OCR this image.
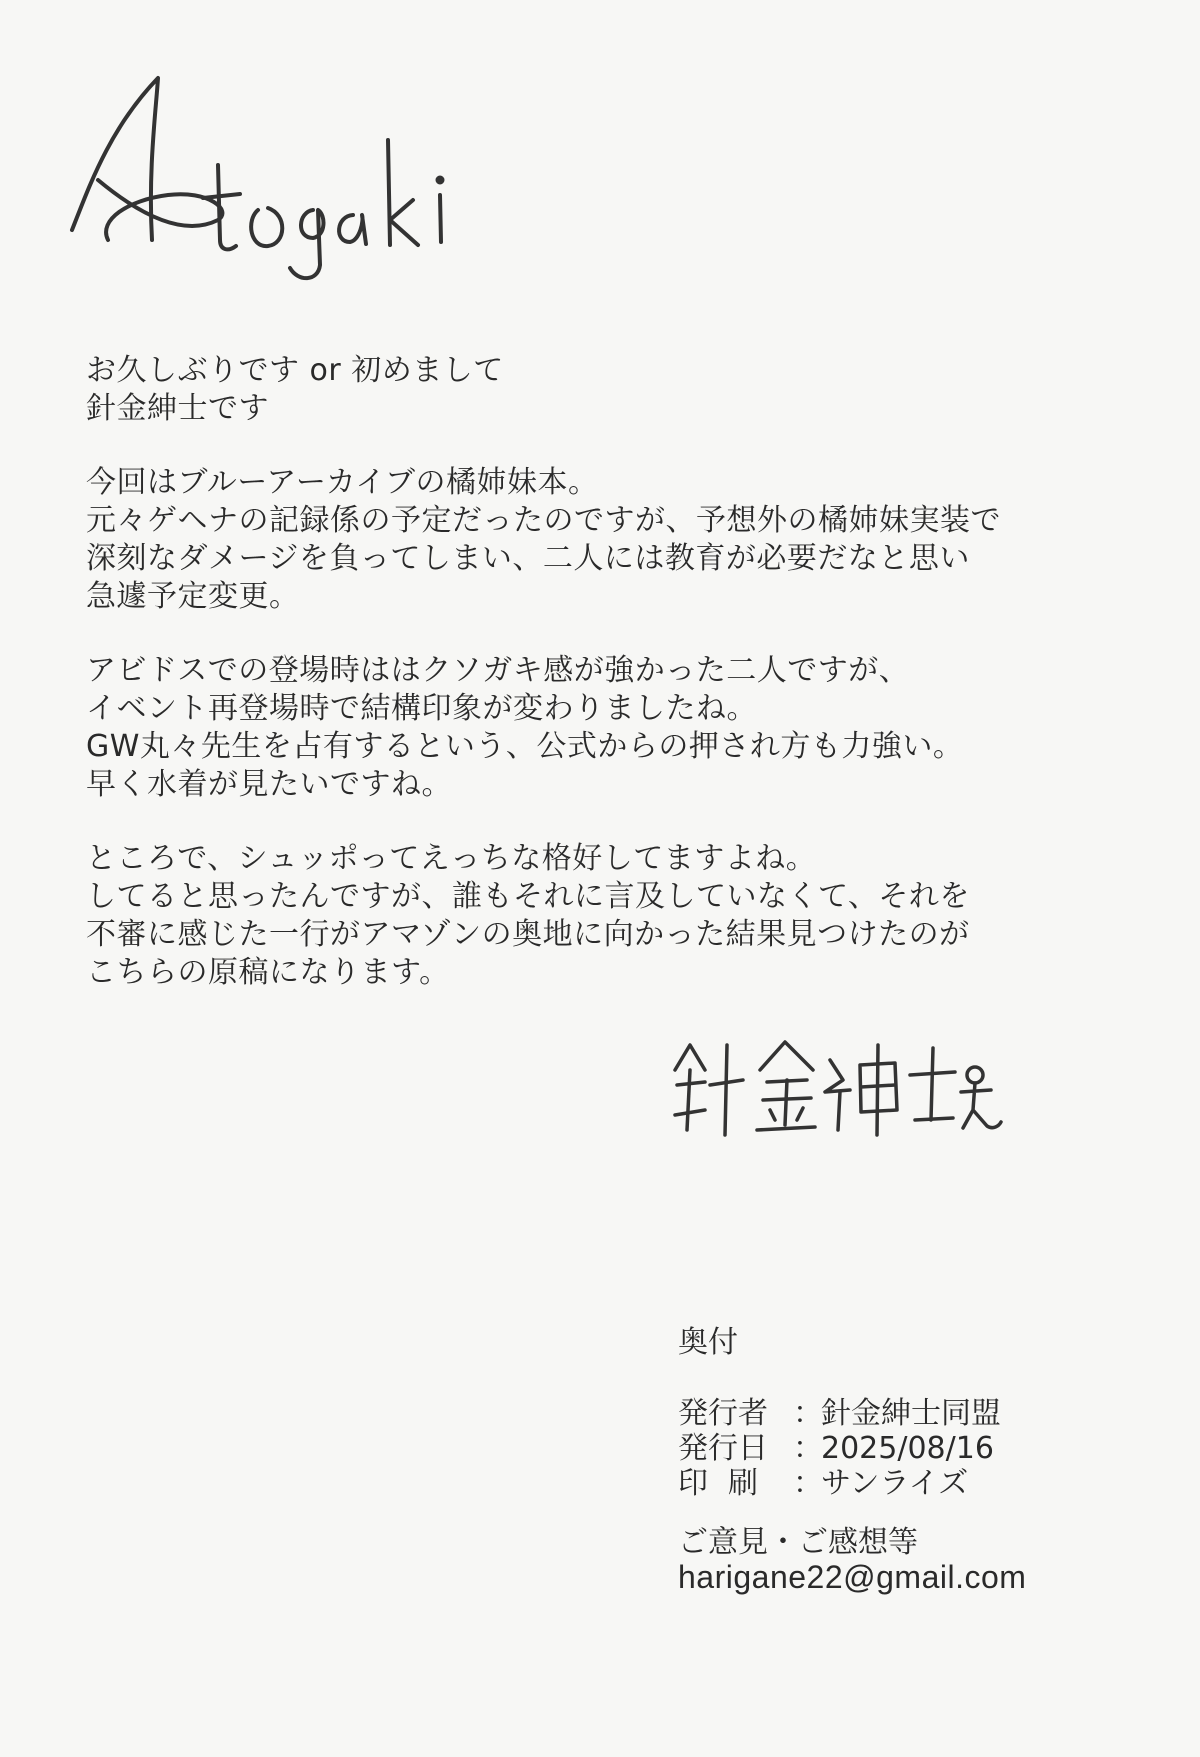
お久しぶりです or 初めまして
針金紳士です
今回はブルーアーカイブの橘姉妹本。
元々ゲヘナの記録係の予定だったのですが、予想外の橘姉妹実装で
深刻なダメージを負ってしまい、二人には教育が必要だなと思い
急遽予定変更。
アビドスでの登場時ははクソガキ感が強かった二人ですが、
イベント再登場時で結構印象が変わりましたね。
GW丸々先生を占有するという、公式からの押され方も力強い。
早く水着が見たいですね。
ところで、シュッポってえっちな格好してますよね。
してると思ったんですが、誰もそれに言及していなくて、それを
不審に感じた一行がアマゾンの奥地に向かった結果見つけたのが
こちらの原稿になります。
奥付
発行者 ：
針金紳士同盟
発行日 ：
2025/08/16
印刷 ：
サンライズ
ご意見・ご感想等
harigane22@gmail.com
